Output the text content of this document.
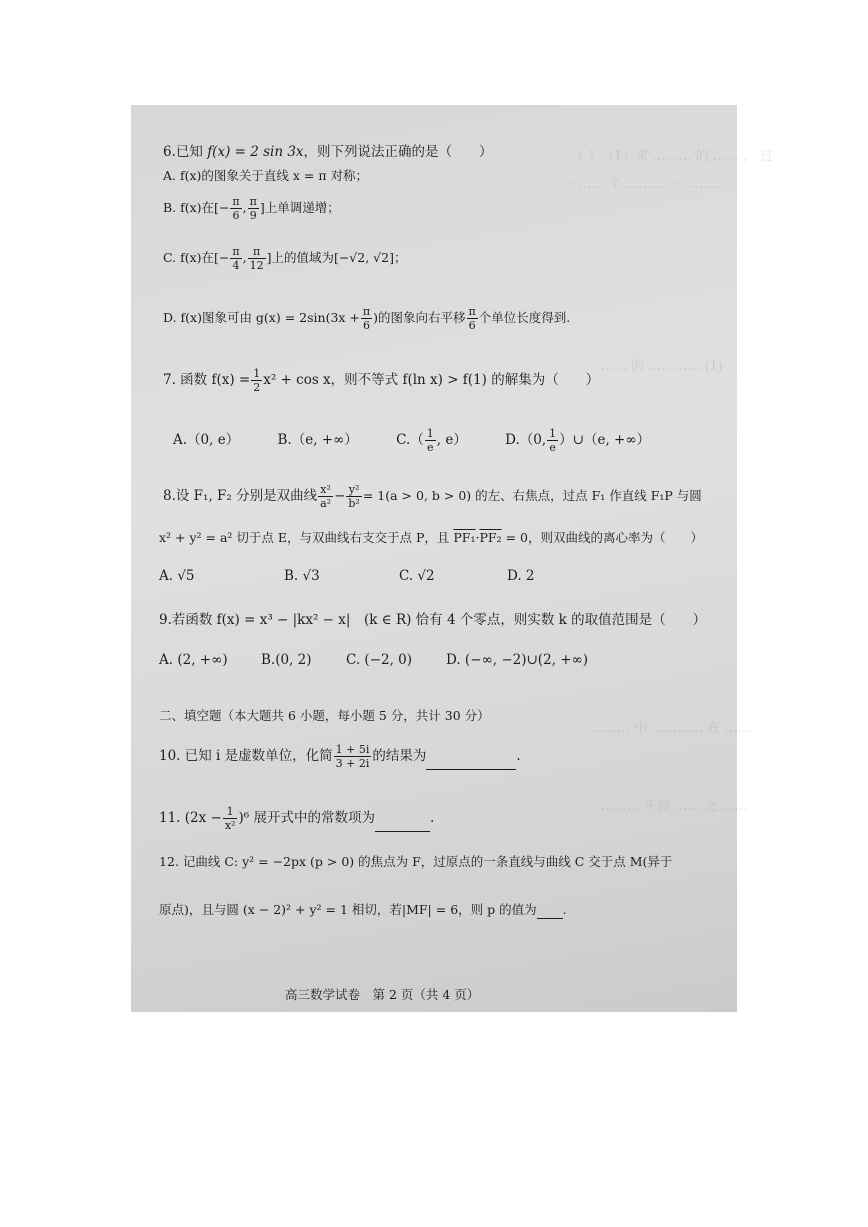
（ ）　（1）求 ……… 的 …… ， 过
一 …… 个 ……… 一 ………
…… 的 ………… (1)
……… 中 ………… 在 ……
……… 平面 …… 之 ……
6.已知 f(x) = 2 sin 3x，则下列说法正确的是（　　）
A. f(x)的图象关于直线 x = π 对称；
B. f(x)在[− $\frac{\pi}{6}$ , $\frac{\pi}{9}$ ]上单调递增；
C. f(x)在[− $\frac{\pi}{4}$ , $\frac{\pi}{12}$ ]上的值域为[−√2, √2]；
D. f(x)图象可由 $g(x) = 2\sin(3x + \frac{\pi}{6}$ )的图象向右平移 $\frac{\pi}{6}$ 个单位长度得到.
7. 函数 $f(x) = \frac{1}{2} x^2 + \cos x$，则不等式 f(ln x) > f(1) 的解集为（　　）
A.（0, e）	B.（e, +∞）	$C.( \frac{1}{e}$ , e）	D.（0, $\frac{1}{e}$ ）∪（e, +∞）
8.设 F₁, F₂ 分别是双曲线 $\frac{\text{x²}}{\text{a²}} - \frac{\text{y²}}{\text{b²}} = 1(a > 0$, b > 0) 的左、右焦点，过点 F₁ 作直线 F₁P 与圆
x² + y² = a² 切于点 E，与双曲线右支交于点 P，且 PF₁·PF₂ = 0，则双曲线的离心率为（　　）
A. √5	B. √3	C. √2	D. 2
9.若函数 f(x) = x³ − |kx² − x|　(k ∈ R) 恰有 4 个零点，则实数 k 的取值范围是（　　）
A. (2, +∞) B.(0, 2)	C. (−2, 0)	D. (−∞, −2)∪(2, +∞)
二、填空题（本大题共 6 小题，每小题 5 分，共计 30 分）
10. 已知 i 是虚数单位，化简 $\frac{1 + 5i}{3 + 2i}$ 的结果为	.
11. $(2x - \frac{1}{\text{x²}} )^6$ 展开式中的常数项为	.
12. 记曲线 C: y² = −2px (p > 0) 的焦点为 F，过原点的一条直线与曲线 C 交于点 M(异于
原点)，且与圆 (x − 2)² + y² = 1 相切，若|MF| = 6，则 p 的值为 .
高三数学试卷　第 2 页（共 4 页）
